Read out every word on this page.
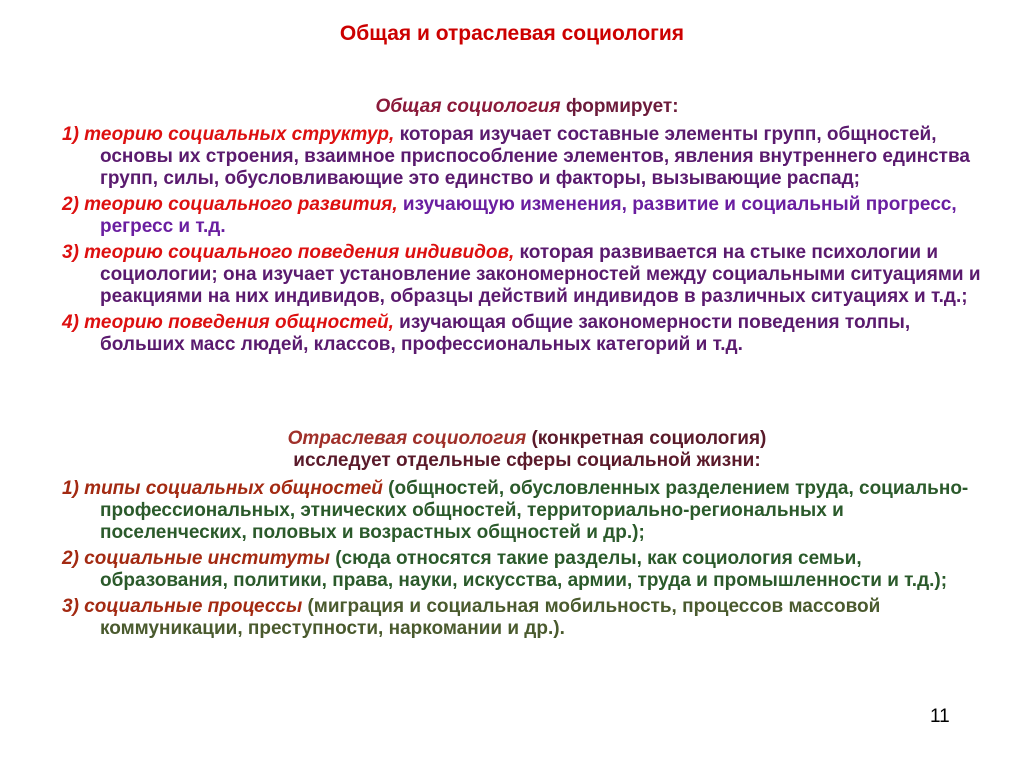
Общая и отраслевая социология
Общая социология формирует:
1) теорию социальных структур, которая изучает составные элементы групп, общностей, основы их строения, взаимное приспособление элементов, явления внутреннего единства групп, силы, обусловливающие это единство и факторы, вызывающие распад;
2) теорию социального развития, изучающую изменения, развитие и социальный прогресс, регресс и т.д.
3) теорию социального поведения индивидов, которая развивается на стыке психологии и социологии; она изучает установление закономерностей между социальными ситуациями и реакциями на них индивидов, образцы действий индивидов в различных ситуациях и т.д.;
4) теорию поведения общностей, изучающая общие закономерности поведения толпы, больших масс людей, классов, профессиональных категорий и т.д.
Отраслевая социология (конкретная социология)
исследует отдельные сферы социальной жизни:
1) типы социальных общностей (общностей, обусловленных разделением труда, социально-профессиональных, этнических общностей, территориально-региональных и поселенческих, половых и возрастных общностей и др.);
2) социальные институты (сюда относятся такие разделы, как социология семьи, образования, политики, права, науки, искусства, армии, труда и промышленности и т.д.);
3) социальные процессы (миграция и социальная мобильность, процессов массовой коммуникации, преступности, наркомании и др.).
11
